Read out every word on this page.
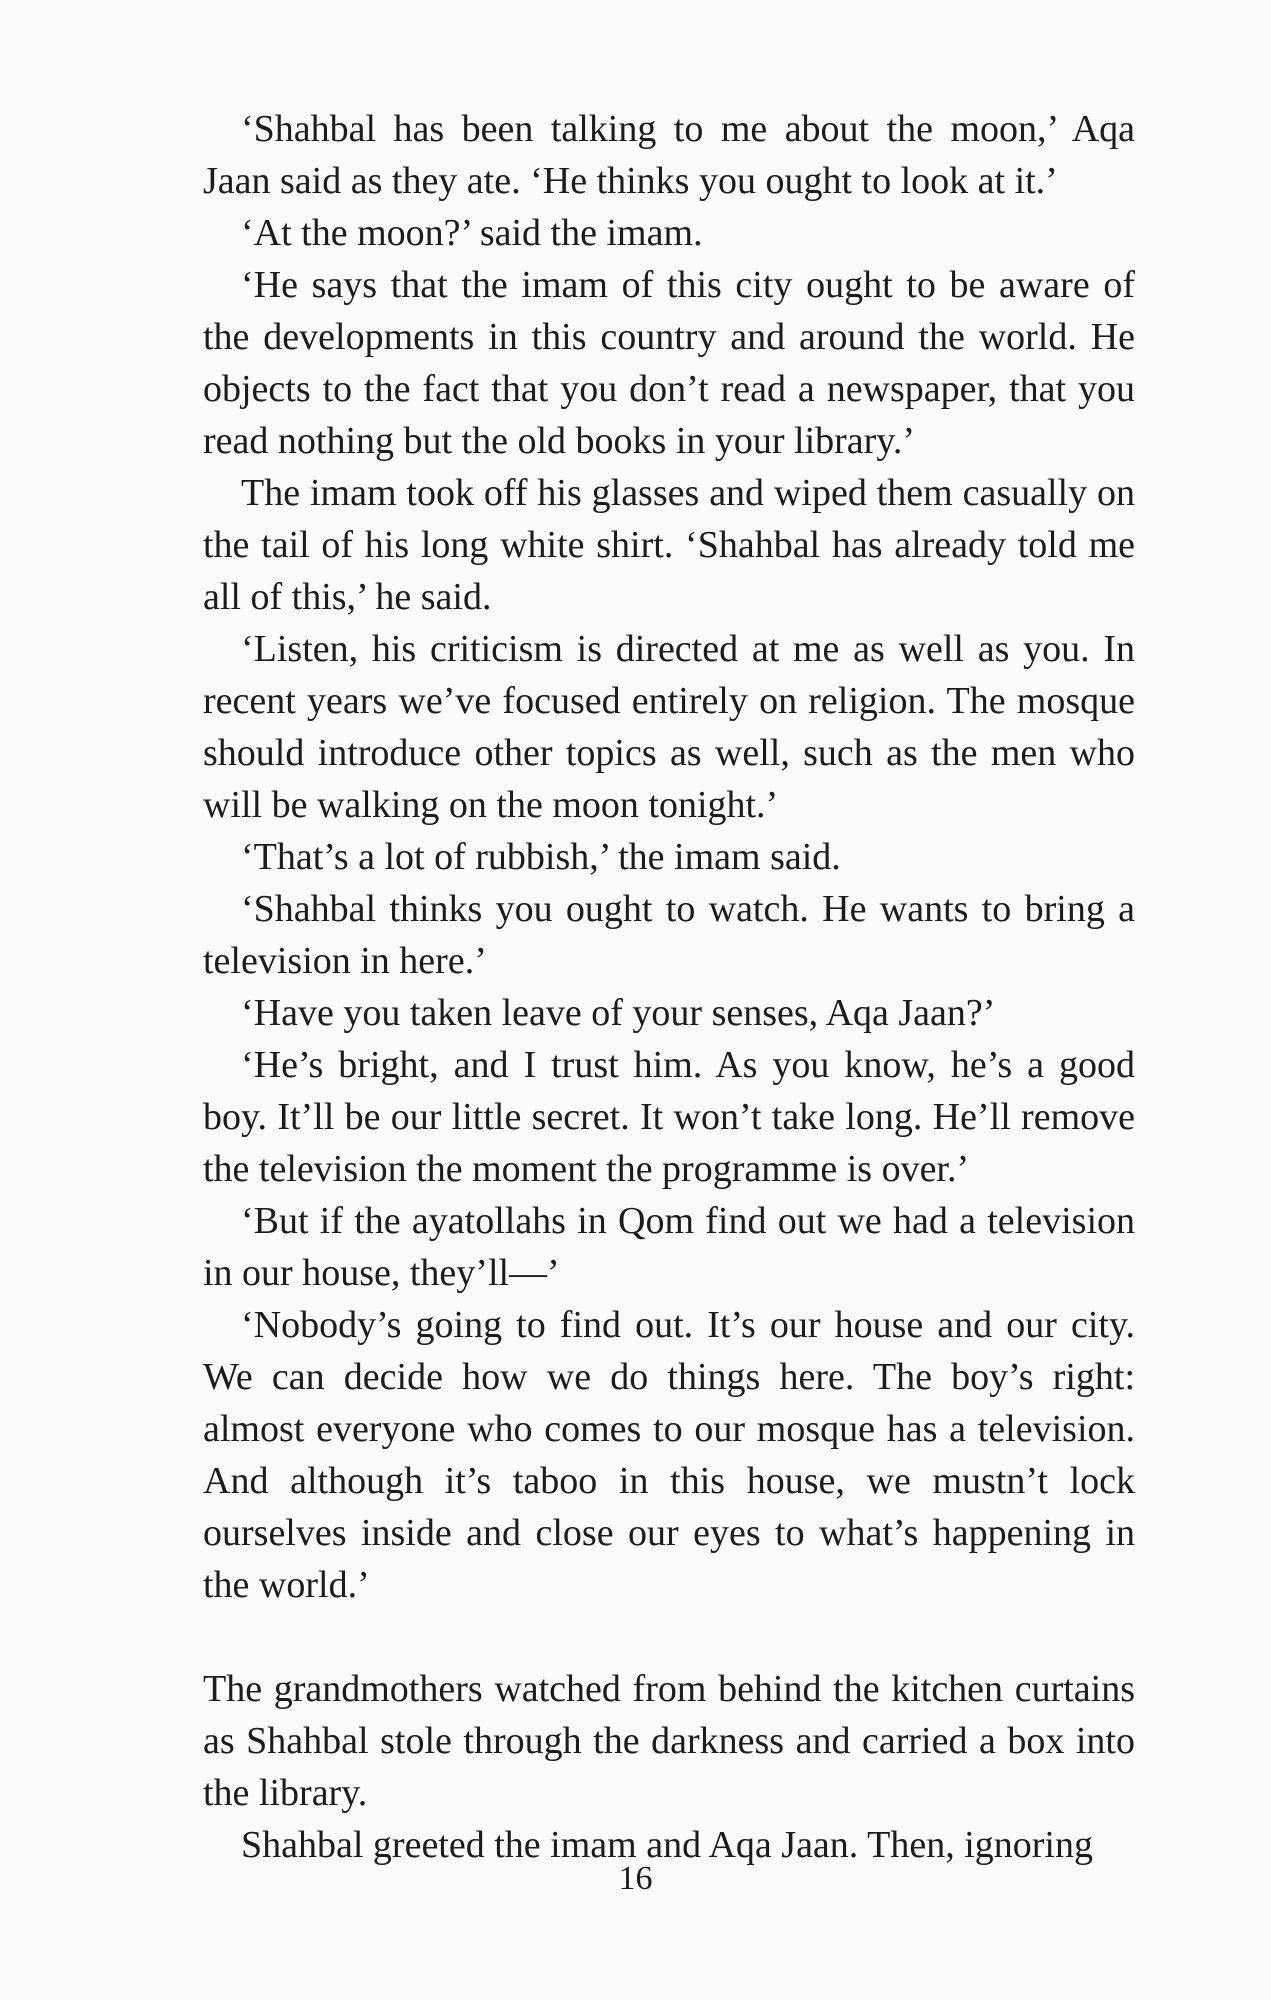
‘Shahbal has been talking to me about the moon,’ Aqa Jaan said as they ate. ‘He thinks you ought to look at it.’

‘At the moon?’ said the imam.

‘He says that the imam of this city ought to be aware of the developments in this country and around the world. He objects to the fact that you don’t read a newspaper, that you read nothing but the old books in your library.’

The imam took off his glasses and wiped them casually on the tail of his long white shirt. ‘Shahbal has already told me all of this,’ he said.

‘Listen, his criticism is directed at me as well as you. In recent years we’ve focused entirely on religion. The mosque should introduce other topics as well, such as the men who will be walking on the moon tonight.’

‘That’s a lot of rubbish,’ the imam said.

‘Shahbal thinks you ought to watch. He wants to bring a television in here.’

‘Have you taken leave of your senses, Aqa Jaan?’

‘He’s bright, and I trust him. As you know, he’s a good boy. It’ll be our little secret. It won’t take long. He’ll remove the television the moment the programme is over.’

‘But if the ayatollahs in Qom find out we had a television in our house, they’ll—’

‘Nobody’s going to find out. It’s our house and our city. We can decide how we do things here. The boy’s right: almost everyone who comes to our mosque has a television. And although it’s taboo in this house, we mustn’t lock ourselves inside and close our eyes to what’s happening in the world.’

The grandmothers watched from behind the kitchen curtains as Shahbal stole through the darkness and carried a box into the library.

Shahbal greeted the imam and Aqa Jaan. Then, ignoring

16
